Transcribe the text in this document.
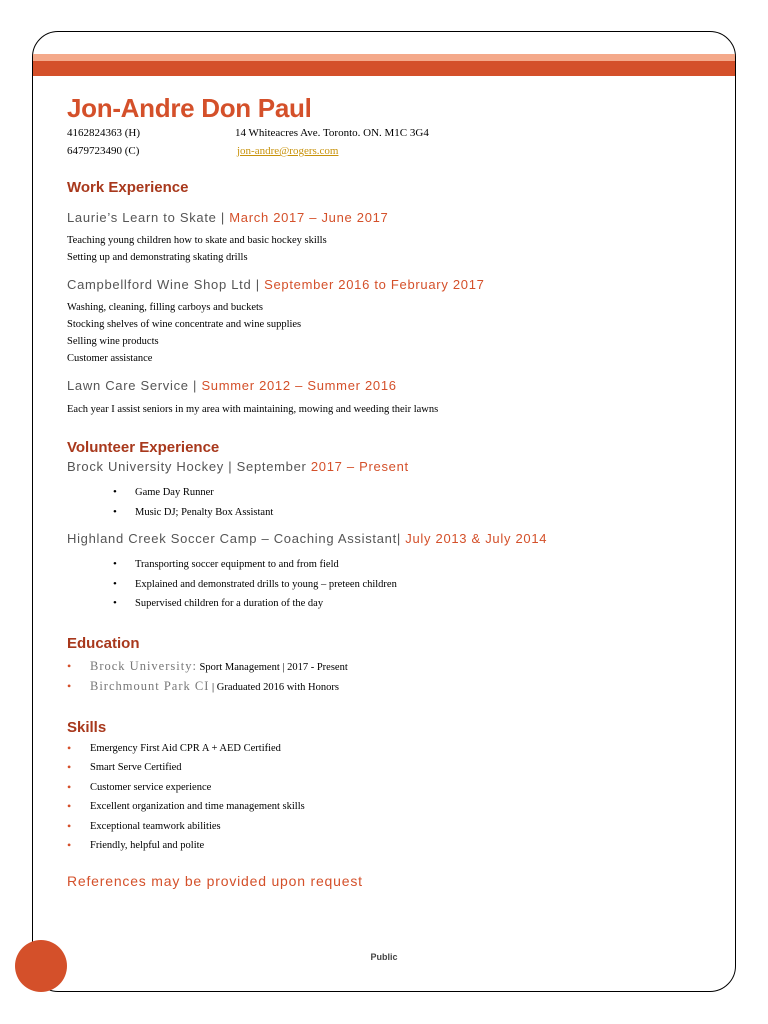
Jon-Andre Don Paul
4162824363 (H)
6479723490 (C)
14 Whiteacres Ave. Toronto. ON. M1C 3G4
jon-andre@rogers.com
Work Experience
Laurie’s Learn to Skate | March 2017 – June 2017
Teaching young children how to skate and basic hockey skills
Setting up and demonstrating skating drills
Campbellford Wine Shop Ltd | September 2016 to February 2017
Washing, cleaning, filling carboys and buckets
Stocking shelves of wine concentrate and wine supplies
Selling wine products
Customer assistance
Lawn Care Service | Summer 2012 – Summer 2016
Each year I assist seniors in my area with maintaining, mowing and weeding their lawns
Volunteer Experience
Brock University Hockey | September 2017 – Present
• Game Day Runner
• Music DJ; Penalty Box Assistant
Highland Creek Soccer Camp – Coaching Assistant| July 2013 & July 2014
• Transporting soccer equipment to and from field
• Explained and demonstrated drills to young – preteen children
• Supervised children for a duration of the day
Education
• Brock University: Sport Management | 2017 - Present
• Birchmount Park CI | Graduated 2016 with Honors
Skills
• Emergency First Aid CPR A + AED Certified
• Smart Serve Certified
• Customer service experience
• Excellent organization and time management skills
• Exceptional teamwork abilities
• Friendly, helpful and polite
References may be provided upon request
Public
